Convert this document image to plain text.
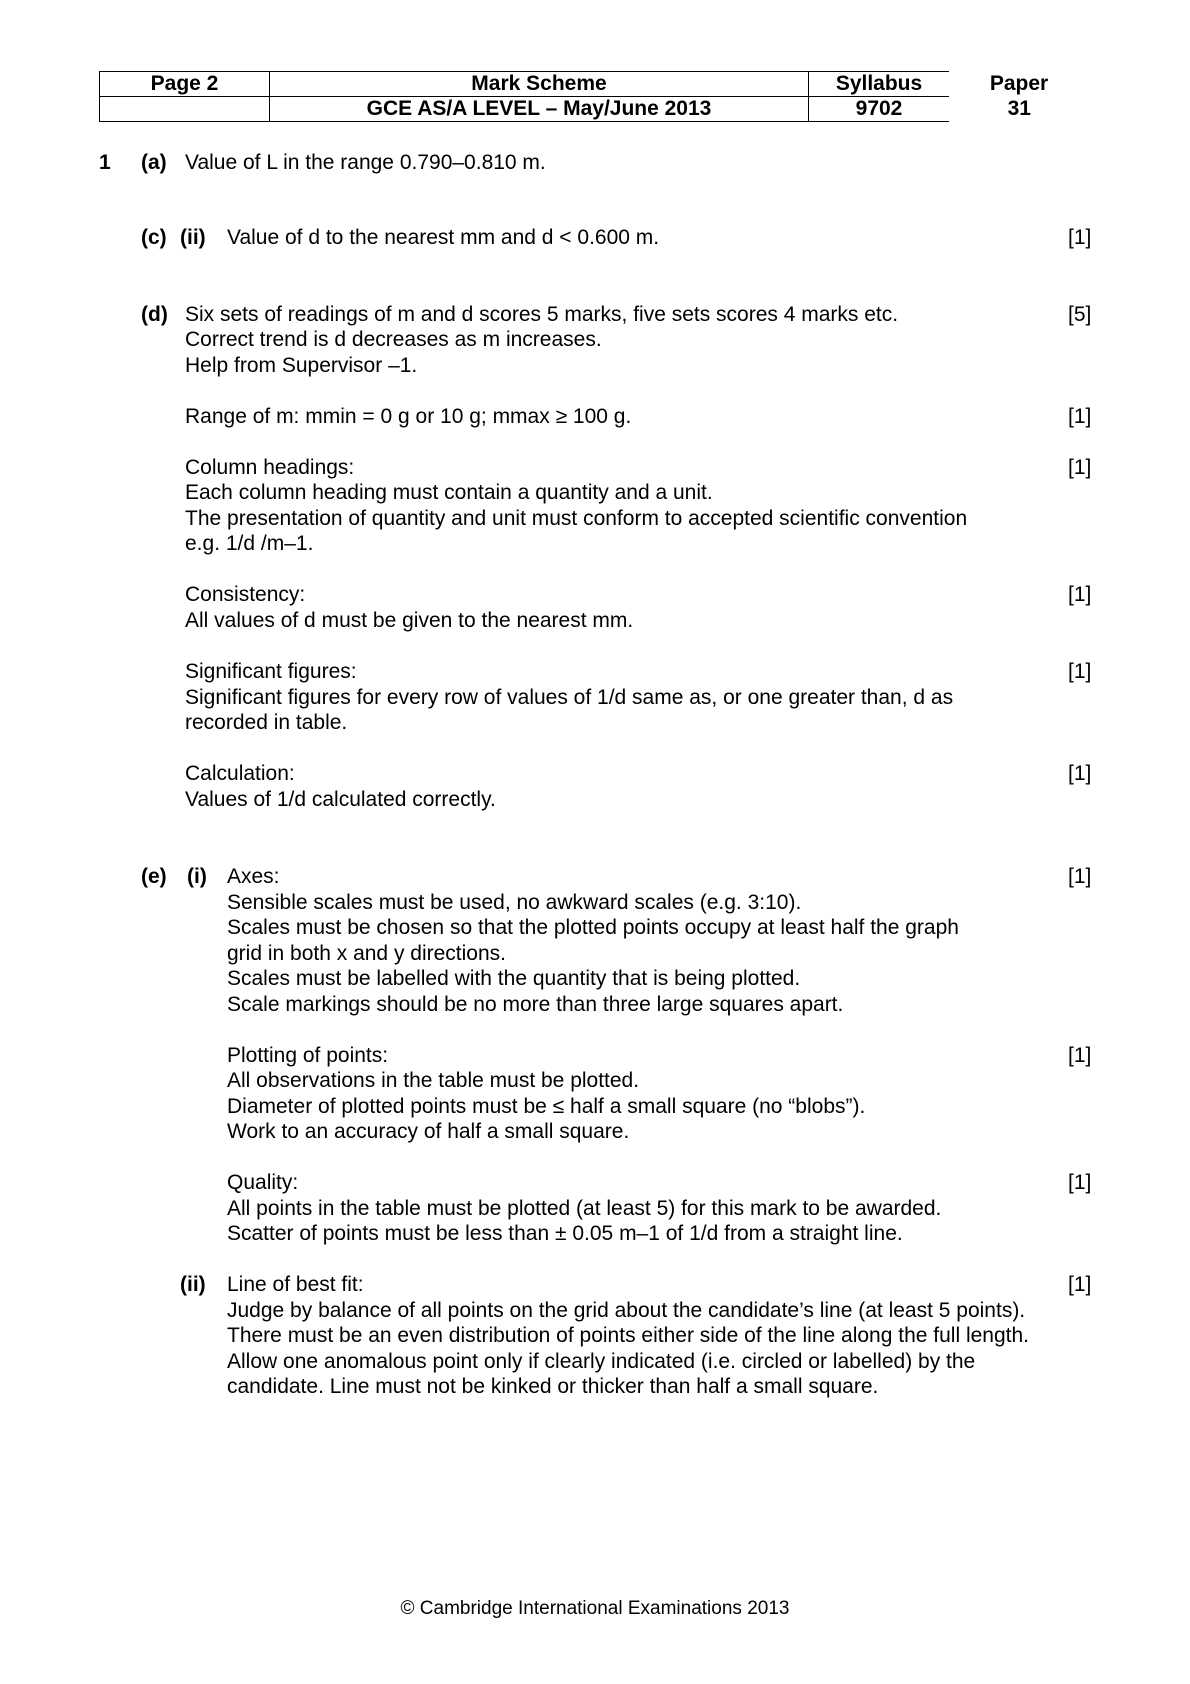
Page 2	Mark Scheme	Syllabus	Paper
	GCE AS/A LEVEL – May/June 2013	9702	31
1 (a) Value of L in the range 0.790–0.810 m.
(c) (ii) Value of d to the nearest mm and d < 0.600 m.	[1]
(d) Six sets of readings of m and d scores 5 marks, five sets scores 4 marks etc.	[5]
Correct trend is d decreases as m increases.
Help from Supervisor –1.
Range of m: mmin = 0 g or 10 g; mmax ≥ 100 g.	[1]
Column headings:	[1]
Each column heading must contain a quantity and a unit.
The presentation of quantity and unit must conform to accepted scientific convention
e.g. 1/d /m–1.
Consistency:	[1]
All values of d must be given to the nearest mm.
Significant figures:	[1]
Significant figures for every row of values of 1/d same as, or one greater than, d as
recorded in table.
Calculation:	[1]
Values of 1/d calculated correctly.
(e) (i) Axes:	[1]
Sensible scales must be used, no awkward scales (e.g. 3:10).
Scales must be chosen so that the plotted points occupy at least half the graph
grid in both x and y directions.
Scales must be labelled with the quantity that is being plotted.
Scale markings should be no more than three large squares apart.
Plotting of points:	[1]
All observations in the table must be plotted.
Diameter of plotted points must be ≤ half a small square (no “blobs”).
Work to an accuracy of half a small square.
Quality:	[1]
All points in the table must be plotted (at least 5) for this mark to be awarded.
Scatter of points must be less than ± 0.05 m–1 of 1/d from a straight line.
(ii) Line of best fit:	[1]
Judge by balance of all points on the grid about the candidate’s line (at least 5 points).
There must be an even distribution of points either side of the line along the full length.
Allow one anomalous point only if clearly indicated (i.e. circled or labelled) by the
candidate. Line must not be kinked or thicker than half a small square.
© Cambridge International Examinations 2013
